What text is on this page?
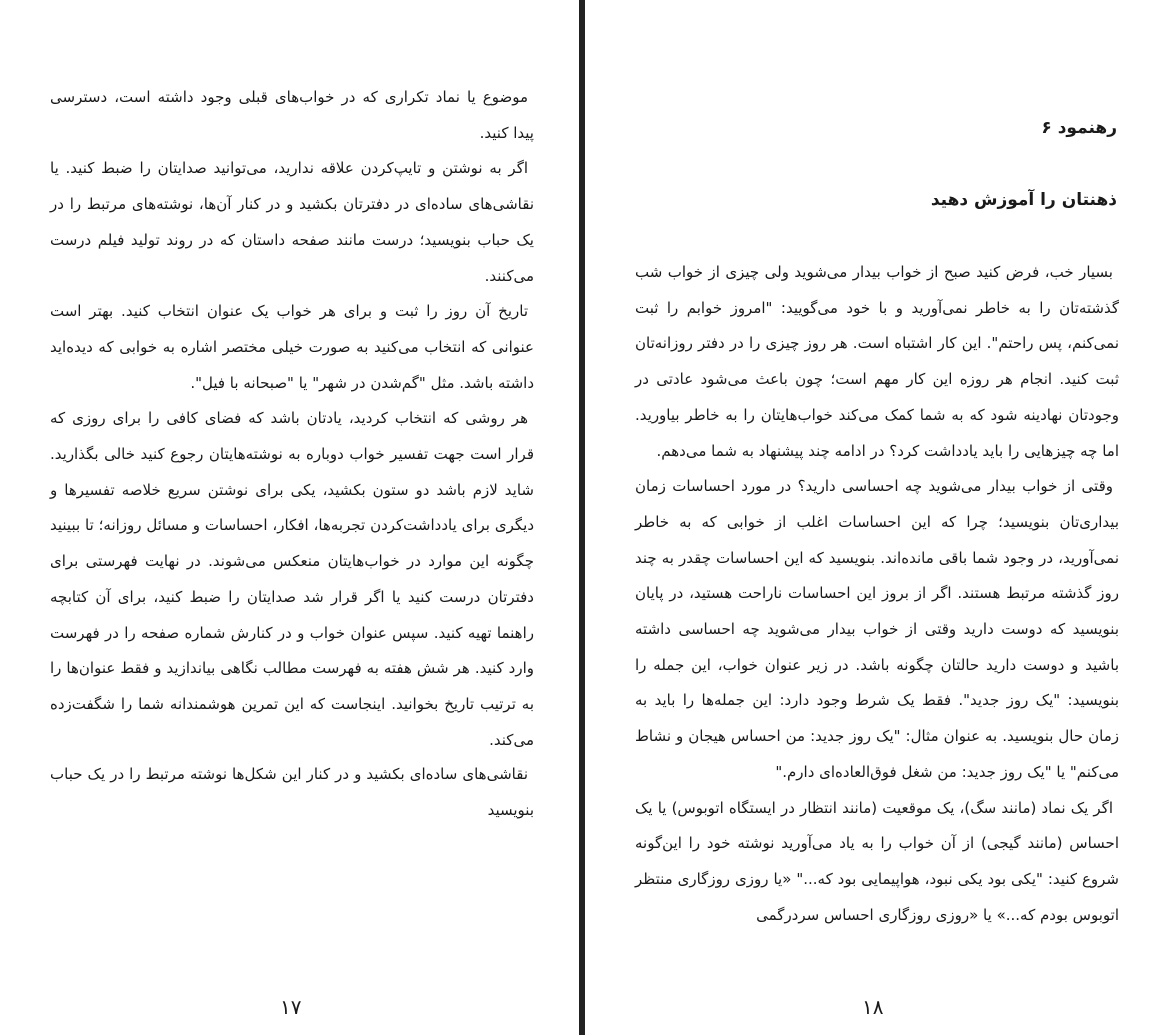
موضوع یا نماد تکراری که در خواب‌های قبلی وجود داشته است، دسترسی پیدا کنید.

اگر به نوشتن و تایپ‌کردن علاقه ندارید، می‌توانید صدایتان را ضبط کنید. یا نقاشی‌های ساده‌ای در دفترتان بکشید و در کنار آن‌ها، نوشته‌های مرتبط را در یک حباب بنویسید؛ درست مانند صفحه داستان که در روند تولید فیلم درست می‌کنند.

تاریخ آن روز را ثبت و برای هر خواب یک عنوان انتخاب کنید. بهتر است عنوانی که انتخاب می‌کنید به صورت خیلی مختصر اشاره به خوابی که دیده‌اید داشته باشد. مثل "گم‌شدن در شهر" یا "صبحانه با فیل".

هر روشی که انتخاب کردید، یادتان باشد که فضای کافی را برای روزی که قرار است جهت تفسیر خواب دوباره به نوشته‌هایتان رجوع کنید خالی بگذارید. شاید لازم باشد دو ستون بکشید، یکی برای نوشتن سریع خلاصه تفسیرها و دیگری برای یادداشت‌کردن تجربه‌ها، افکار، احساسات و مسائل روزانه؛ تا ببینید چگونه این موارد در خواب‌هایتان منعکس می‌شوند. در نهایت فهرستی برای دفترتان درست کنید یا اگر قرار شد صدایتان را ضبط کنید، برای آن کتابچه راهنما تهیه کنید. سپس عنوان خواب و در کنارش شماره صفحه را در فهرست وارد کنید. هر شش هفته به فهرست مطالب نگاهی بیاندازید و فقط عنوان‌ها را به ترتیب تاریخ بخوانید. اینجاست که این تمرین هوشمندانه شما را شگفت‌زده می‌کند.

نقاشی‌های ساده‌ای بکشید و در کنار این شکل‌ها نوشته مرتبط را در یک حباب بنویسید

۱۷
رهنمود ۶
ذهنتان را آموزش دهید

بسیار خب، فرض کنید صبح از خواب بیدار می‌شوید ولی چیزی از خواب شب گذشته‌تان را به خاطر نمی‌آورید و با خود می‌گویید: "امروز خوابم را ثبت نمی‌کنم، پس راحتم". این کار اشتباه است. هر روز چیزی را در دفتر روزانه‌تان ثبت کنید. انجام هر روزه این کار مهم است؛ چون باعث می‌شود عادتی در وجودتان نهادینه شود که به شما کمک می‌کند خواب‌هایتان را به خاطر بیاورید. اما چه چیزهایی را باید یادداشت کرد؟ در ادامه چند پیشنهاد به شما می‌دهم.

وقتی از خواب بیدار می‌شوید چه احساسی دارید؟ در مورد احساسات زمان بیداری‌تان بنویسید؛ چرا که این احساسات اغلب از خوابی که به خاطر نمی‌آورید، در وجود شما باقی مانده‌اند. بنویسید که این احساسات چقدر به چند روز گذشته مرتبط هستند. اگر از بروز این احساسات ناراحت هستید، در پایان بنویسید که دوست دارید وقتی از خواب بیدار می‌شوید چه احساسی داشته باشید و دوست دارید حالتان چگونه باشد. در زیر عنوان خواب، این جمله را بنویسید: "یک روز جدید". فقط یک شرط وجود دارد: این جمله‌ها را باید به زمان حال بنویسید. به عنوان مثال: "یک روز جدید: من احساس هیجان و نشاط می‌کنم" یا "یک روز جدید: من شغل فوق‌العاده‌ای دارم."

اگر یک نماد (مانند سگ)، یک موقعیت (مانند انتظار در ایستگاه اتوبوس) یا یک احساس (مانند گیجی) از آن خواب را به یاد می‌آورید نوشته خود را این‌گونه شروع کنید: "یکی بود یکی نبود، هواپیمایی بود که..." «یا روزی روزگاری منتظر اتوبوس بودم که...» یا «روزی روزگاری احساس سردرگمی

۱۸
